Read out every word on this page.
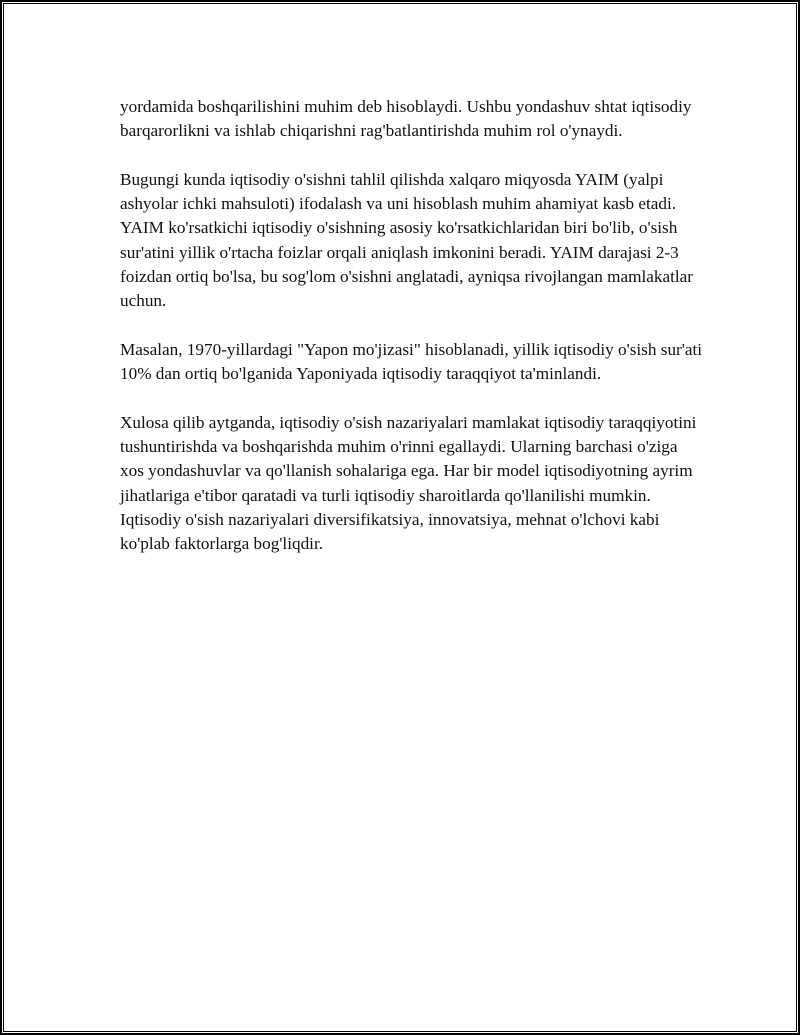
yordamida boshqarilishini muhim deb hisoblaydi. Ushbu yondashuv shtat iqtisodiy barqarorlikni va ishlab chiqarishni rag'batlantirishda muhim rol o'ynaydi.

Bugungi kunda iqtisodiy o'sishni tahlil qilishda xalqaro miqyosda YAIM (yalpi ashyolar ichki mahsuloti) ifodalash va uni hisoblash muhim ahamiyat kasb etadi. YAIM ko'rsatkichi iqtisodiy o'sishning asosiy ko'rsatkichlaridan biri bo'lib, o'sish sur'atini yillik o'rtacha foizlar orqali aniqlash imkonini beradi. YAIM darajasi 2-3 foizdan ortiq bo'lsa, bu sog'lom o'sishni anglatadi, ayniqsa rivojlangan mamlakatlar uchun.

Masalan, 1970-yillardagi "Yapon mo'jizasi" hisoblanadi, yillik iqtisodiy o'sish sur'ati 10% dan ortiq bo'lganida Yaponiyada iqtisodiy taraqqiyot ta'minlandi.

Xulosa qilib aytganda, iqtisodiy o'sish nazariyalari mamlakat iqtisodiy taraqqiyotini tushuntirishda va boshqarishda muhim o'rinni egallaydi. Ularning barchasi o'ziga xos yondashuvlar va qo'llanish sohalariga ega. Har bir model iqtisodiyotning ayrim jihatlariga e'tibor qaratadi va turli iqtisodiy sharoitlarda qo'llanilishi mumkin. Iqtisodiy o'sish nazariyalari diversifikatsiya, innovatsiya, mehnat o'lchovi kabi ko'plab faktorlarga bog'liqdir.
